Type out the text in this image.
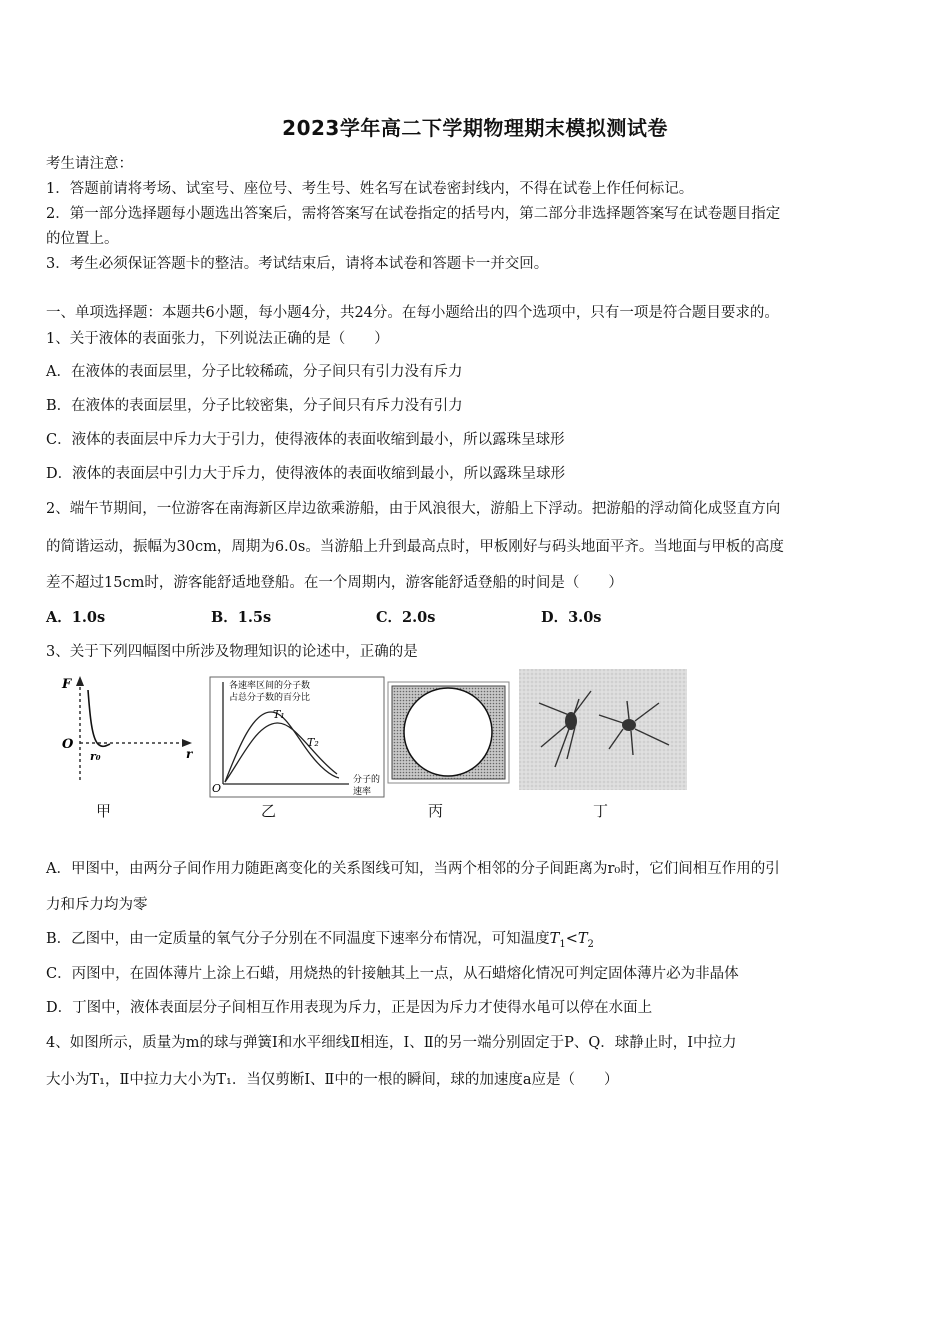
2023学年高二下学期物理期末模拟测试卷
考生请注意：
1．答题前请将考场、试室号、座位号、考生号、姓名写在试卷密封线内，不得在试卷上作任何标记。
2．第一部分选择题每小题选出答案后，需将答案写在试卷指定的括号内，第二部分非选择题答案写在试卷题目指定
的位置上。
3．考生必须保证答题卡的整洁。考试结束后，请将本试卷和答题卡一并交回。
一、单项选择题：本题共6小题，每小题4分，共24分。在每小题给出的四个选项中，只有一项是符合题目要求的。
1、关于液体的表面张力，下列说法正确的是（　　）
A．在液体的表面层里，分子比较稀疏，分子间只有引力没有斥力
B．在液体的表面层里，分子比较密集，分子间只有斥力没有引力
C．液体的表面层中斥力大于引力，使得液体的表面收缩到最小，所以露珠呈球形
D．液体的表面层中引力大于斥力，使得液体的表面收缩到最小，所以露珠呈球形
2、端午节期间，一位游客在南海新区岸边欲乘游船，由于风浪很大，游船上下浮动。把游船的浮动简化成竖直方向
的简谐运动，振幅为30cm，周期为6.0s。当游船上升到最高点时，甲板刚好与码头地面平齐。当地面与甲板的高度
差不超过15cm时，游客能舒适地登船。在一个周期内，游客能舒适登船的时间是（　　）
A．1.0s	B．1.5s	C．2.0s	D．3.0s
3、关于下列四幅图中所涉及物理知识的论述中，正确的是
F
O
r
r₀
甲
各速率区间的分子数
占总分子数的百分比
T₁
T₂
O
分子的
速率
乙	丙	丁
A．甲图中，由两分子间作用力随距离变化的关系图线可知，当两个相邻的分子间距离为r₀时，它们间相互作用的引
力和斥力均为零
B．乙图中，由一定质量的氧气分子分别在不同温度下速率分布情况，可知温度$T_1<T_2$
C．丙图中，在固体薄片上涂上石蜡，用烧热的针接触其上一点，从石蜡熔化情况可判定固体薄片必为非晶体
D．丁图中，液体表面层分子间相互作用表现为斥力，正是因为斥力才使得水黾可以停在水面上
4、如图所示，质量为m的球与弹簧Ⅰ和水平细线Ⅱ相连，Ⅰ、Ⅱ的另一端分别固定于P、Q．球静止时，Ⅰ中拉力
大小为T₁，Ⅱ中拉力大小为T₁．当仅剪断Ⅰ、Ⅱ中的一根的瞬间，球的加速度a应是（　　）
